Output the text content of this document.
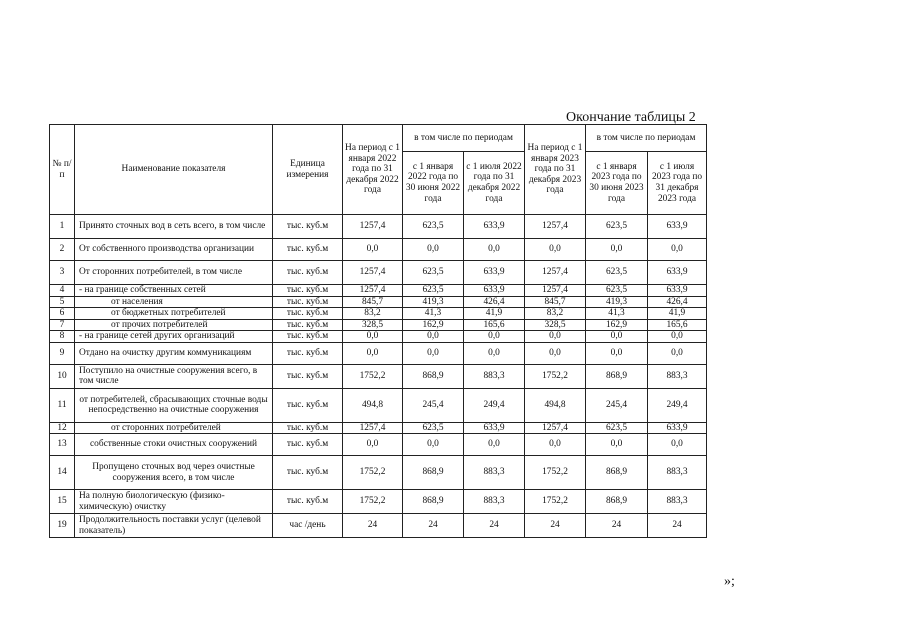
Окончание таблицы 2
№ п/п	Наименование показателя	Единица измерения	На период с 1 января 2022 года по 31 декабря 2022 года	в том числе по периодам		На период с 1 января 2023 года по 31 декабря 2023 года	в том числе по периодам	
				с 1 января 2022 года по 30 июня 2022 года	с 1 июля 2022 года по 31 декабря 2022 года		с 1 января 2023 года по 30 июня 2023 года	с 1 июля 2023 года по 31 декабря 2023 года
1	Принято сточных вод в сеть всего, в том числе	тыс. куб.м	1257,4	623,5	633,9	1257,4	623,5	633,9
2	От собственного производства организации	тыс. куб.м	0,0	0,0	0,0	0,0	0,0	0,0
3	От сторонних потребителей, в том числе	тыс. куб.м	1257,4	623,5	633,9	1257,4	623,5	633,9
4	- на границе собственных сетей	тыс. куб.м	1257,4	623,5	633,9	1257,4	623,5	633,9
5	от населения	тыс. куб.м	845,7	419,3	426,4	845,7	419,3	426,4
6	от бюджетных потребителей	тыс. куб.м	83,2	41,3	41,9	83,2	41,3	41,9
7	от прочих потребителей	тыс. куб.м	328,5	162,9	165,6	328,5	162,9	165,6
8	- на границе сетей других организаций	тыс. куб.м	0,0	0,0	0,0	0,0	0,0	0,0
9	Отдано на очистку другим коммуникациям	тыс. куб.м	0,0	0,0	0,0	0,0	0,0	0,0
10	Поступило на очистные сооружения всего, в том числе	тыс. куб.м	1752,2	868,9	883,3	1752,2	868,9	883,3
11	от потребителей, сбрасывающих сточные воды непосредственно на очистные сооружения	тыс. куб.м	494,8	245,4	249,4	494,8	245,4	249,4
12	от сторонних потребителей	тыс. куб.м	1257,4	623,5	633,9	1257,4	623,5	633,9
13	собственные стоки очистных сооружений	тыс. куб.м	0,0	0,0	0,0	0,0	0,0	0,0
14	Пропущено сточных вод через очистные сооружения всего, в том числе	тыс. куб.м	1752,2	868,9	883,3	1752,2	868,9	883,3
15	На полную биологическую (физико-химическую) очистку	тыс. куб.м	1752,2	868,9	883,3	1752,2	868,9	883,3
19	Продолжительность поставки услуг (целевой показатель)	час /день	24	24	24	24	24	24
»;
